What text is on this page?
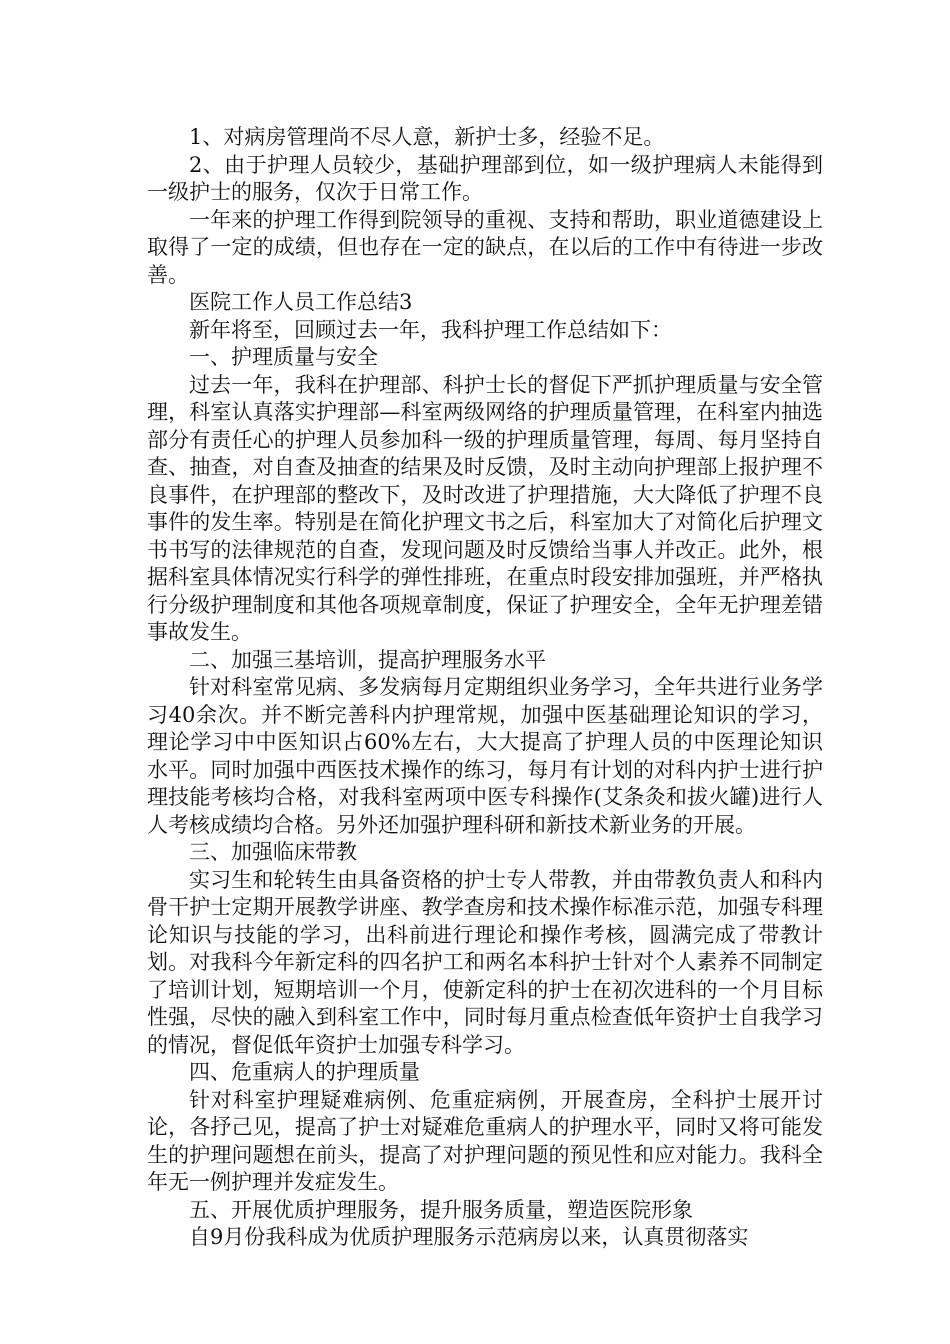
1、对病房管理尚不尽人意，新护士多，经验不足。

2、由于护理人员较少，基础护理部到位，如一级护理病人未能得到一级护士的服务，仅次于日常工作。

一年来的护理工作得到院领导的重视、支持和帮助，职业道德建设上取得了一定的成绩，但也存在一定的缺点，在以后的工作中有待进一步改善。

医院工作人员工作总结3

新年将至，回顾过去一年，我科护理工作总结如下：

一、护理质量与安全

过去一年，我科在护理部、科护士长的督促下严抓护理质量与安全管理，科室认真落实护理部—科室两级网络的护理质量管理，在科室内抽选部分有责任心的护理人员参加科一级的护理质量管理，每周、每月坚持自查、抽查，对自查及抽查的结果及时反馈，及时主动向护理部上报护理不良事件，在护理部的整改下，及时改进了护理措施，大大降低了护理不良事件的发生率。特别是在简化护理文书之后，科室加大了对简化后护理文书书写的法律规范的自查，发现问题及时反馈给当事人并改正。此外，根据科室具体情况实行科学的弹性排班，在重点时段安排加强班，并严格执行分级护理制度和其他各项规章制度，保证了护理安全，全年无护理差错事故发生。

二、加强三基培训，提高护理服务水平

针对科室常见病、多发病每月定期组织业务学习，全年共进行业务学习40余次。并不断完善科内护理常规，加强中医基础理论知识的学习，理论学习中中医知识占60%左右，大大提高了护理人员的中医理论知识水平。同时加强中西医技术操作的练习，每月有计划的对科内护士进行护理技能考核均合格，对我科室两项中医专科操作(艾条灸和拔火罐)进行人人考核成绩均合格。另外还加强护理科研和新技术新业务的开展。

三、加强临床带教

实习生和轮转生由具备资格的护士专人带教，并由带教负责人和科内骨干护士定期开展教学讲座、教学查房和技术操作标准示范，加强专科理论知识与技能的学习，出科前进行理论和操作考核，圆满完成了带教计划。对我科今年新定科的四名护工和两名本科护士针对个人素养不同制定了培训计划，短期培训一个月，使新定科的护士在初次进科的一个月目标性强，尽快的融入到科室工作中，同时每月重点检查低年资护士自我学习的情况，督促低年资护士加强专科学习。

四、危重病人的护理质量

针对科室护理疑难病例、危重症病例，开展查房，全科护士展开讨论，各抒己见，提高了护士对疑难危重病人的护理水平，同时又将可能发生的护理问题想在前头，提高了对护理问题的预见性和应对能力。我科全年无一例护理并发症发生。

五、开展优质护理服务，提升服务质量，塑造医院形象

自9月份我科成为优质护理服务示范病房以来，认真贯彻落实
